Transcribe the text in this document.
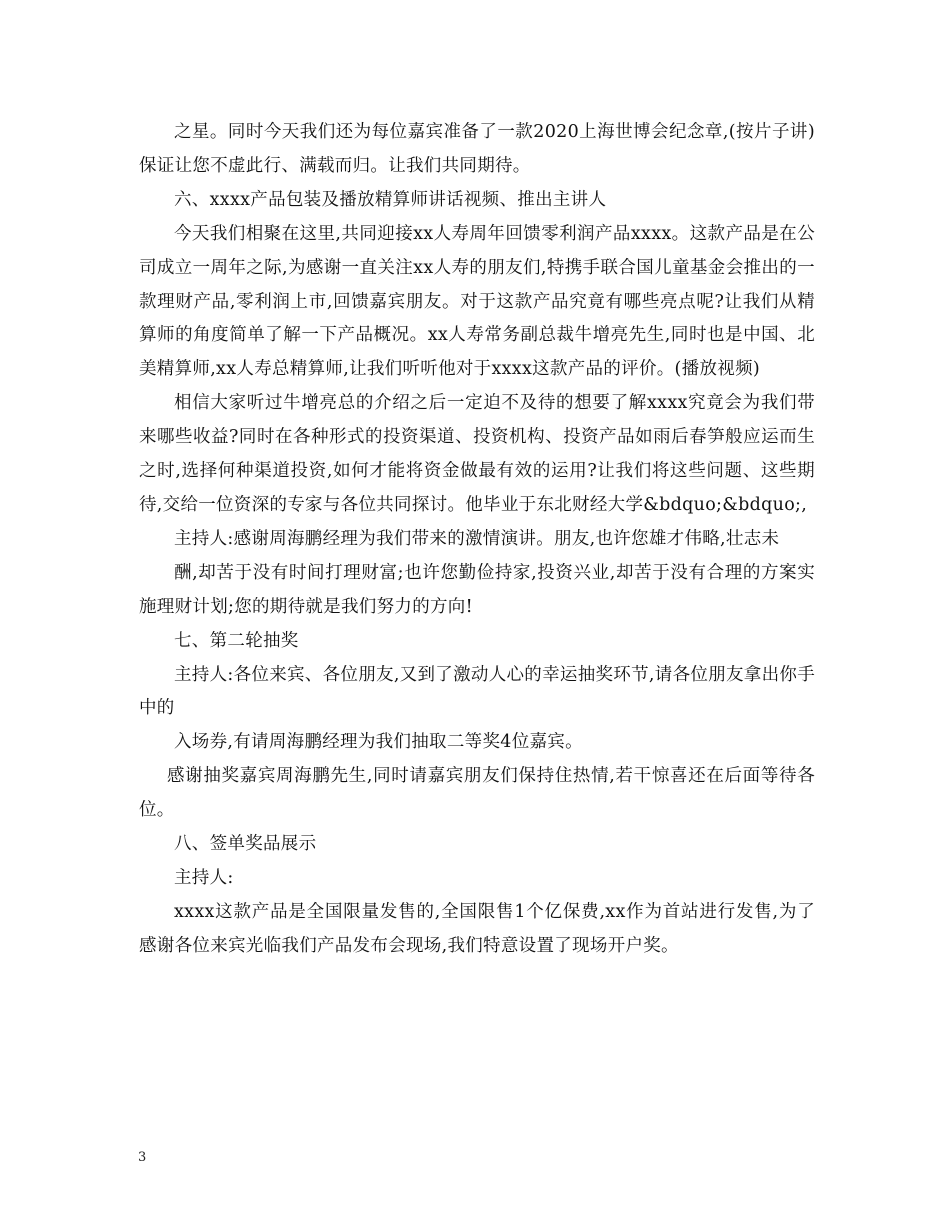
之星。同时今天我们还为每位嘉宾准备了一款2020上海世博会纪念章,(按片子讲)保证让您不虚此行、满载而归。让我们共同期待。

六、xxxx产品包装及播放精算师讲话视频、推出主讲人

今天我们相聚在这里,共同迎接xx人寿周年回馈零利润产品xxxx。这款产品是在公司成立一周年之际,为感谢一直关注xx人寿的朋友们,特携手联合国儿童基金会推出的一款理财产品,零利润上市,回馈嘉宾朋友。对于这款产品究竟有哪些亮点呢?让我们从精算师的角度简单了解一下产品概况。xx人寿常务副总裁牛增亮先生,同时也是中国、北美精算师,xx人寿总精算师,让我们听听他对于xxxx这款产品的评价。(播放视频)

相信大家听过牛增亮总的介绍之后一定迫不及待的想要了解xxxx究竟会为我们带来哪些收益?同时在各种形式的投资渠道、投资机构、投资产品如雨后春笋般应运而生之时,选择何种渠道投资,如何才能将资金做最有效的运用?让我们将这些问题、这些期待,交给一位资深的专家与各位共同探讨。他毕业于东北财经大学&bdquo;&bdquo;,

主持人:感谢周海鹏经理为我们带来的激情演讲。朋友,也许您雄才伟略,壮志未

酬,却苦于没有时间打理财富;也许您勤俭持家,投资兴业,却苦于没有合理的方案实施理财计划;您的期待就是我们努力的方向!

七、第二轮抽奖

主持人:各位来宾、各位朋友,又到了激动人心的幸运抽奖环节,请各位朋友拿出你手中的

入场券,有请周海鹏经理为我们抽取二等奖4位嘉宾。

感谢抽奖嘉宾周海鹏先生,同时请嘉宾朋友们保持住热情,若干惊喜还在后面等待各位。

八、签单奖品展示

主持人:

xxxx这款产品是全国限量发售的,全国限售1个亿保费,xx作为首站进行发售,为了感谢各位来宾光临我们产品发布会现场,我们特意设置了现场开户奖。

3
